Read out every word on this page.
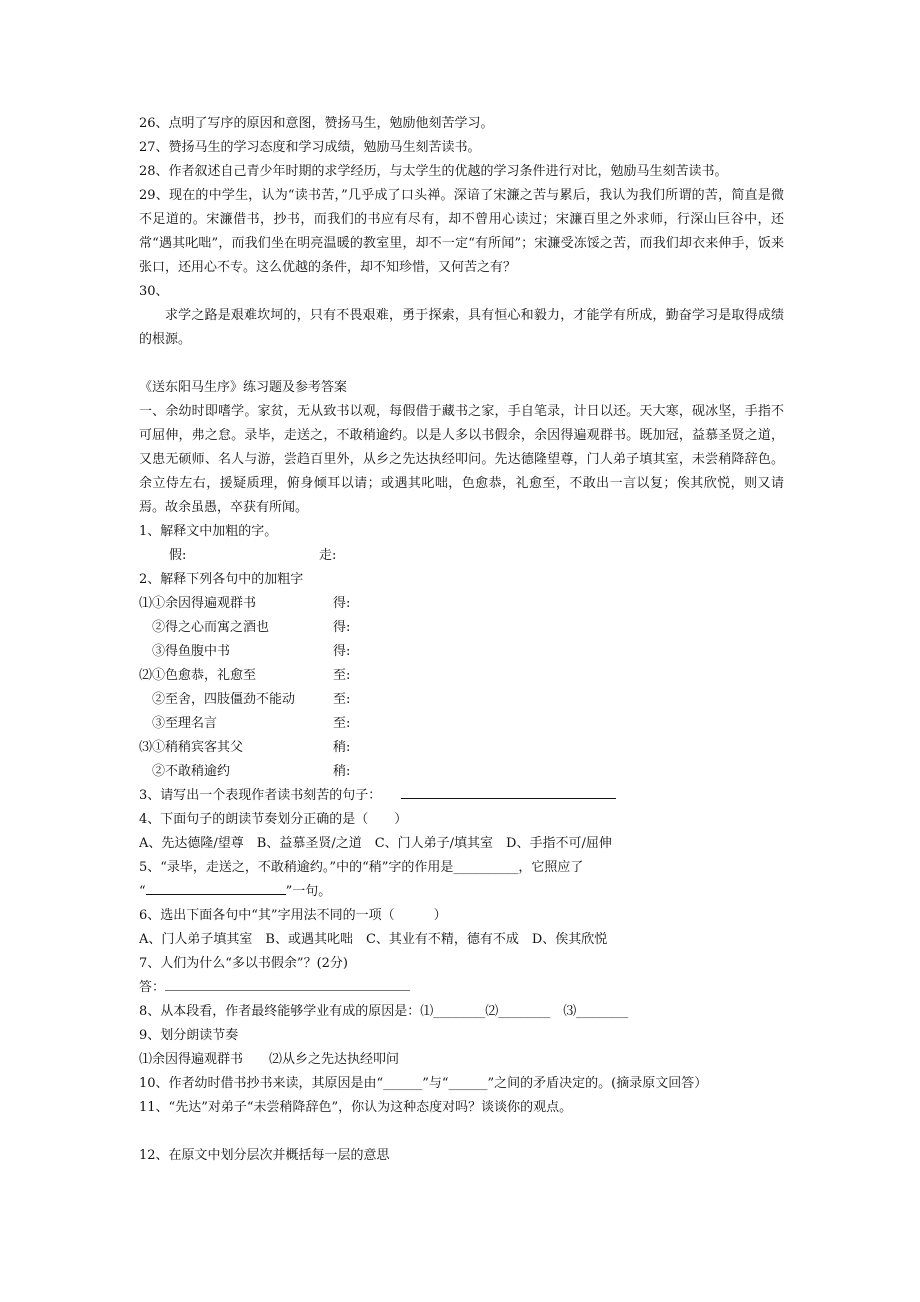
26、点明了写序的原因和意图，赞扬马生，勉励他刻苦学习。
27、赞扬马生的学习态度和学习成绩，勉励马生刻苦读书。
28、作者叙述自己青少年时期的求学经历，与太学生的优越的学习条件进行对比，勉励马生刻苦读书。
29、现在的中学生，认为“读书苦，”几乎成了口头禅。深谙了宋濂之苦与累后，我认为我们所谓的苦，简直是微不足道的。宋濂借书，抄书，而我们的书应有尽有，却不曾用心读过；宋濂百里之外求师，行深山巨谷中，还常“遇其叱咄”，而我们坐在明亮温暖的教室里，却不一定“有所闻”；宋濂受冻馁之苦，而我们却衣来伸手，饭来张口，还用心不专。这么优越的条件，却不知珍惜，又何苦之有？
30、
求学之路是艰难坎坷的，只有不畏艰难，勇于探索，具有恒心和毅力，才能学有所成，勤奋学习是取得成绩的根源。
《送东阳马生序》练习题及参考答案
一、余幼时即嗜学。家贫，无从致书以观，每假借于藏书之家，手自笔录，计日以还。天大寒，砚冰坚，手指不可屈伸，弗之怠。录毕，走送之，不敢稍逾约。以是人多以书假余，余因得遍观群书。既加冠，益慕圣贤之道，又患无硕师、名人与游，尝趋百里外，从乡之先达执经叩问。先达德隆望尊，门人弟子填其室，未尝稍降辞色。余立侍左右，援疑质理，俯身倾耳以请；或遇其叱咄，色愈恭，礼愈至，不敢出一言以复；俟其欣悦，则又请焉。故余虽愚，卒获有所闻。
1、解释文中加粗的字。
假:	走:
2、解释下列各句中的加粗字
⑴①余因得遍观群书	得:
②得之心而寓之酒也	得:
③得鱼腹中书	得:
⑵①色愈恭，礼愈至	至:
②至舍，四肢僵劲不能动	至:
③至理名言	至:
⑶①稍稍宾客其父	稍:
②不敢稍逾约	稍:
3、请写出一个表现作者读书刻苦的句子：
4、下面句子的朗读节奏划分正确的是（　　）
A、先达德隆/望尊　B、益慕圣贤/之道　C、门人弟子/填其室　D、手指不可/屈伸
5、“录毕，走送之，不敢稍逾约。”中的“稍”字的作用是__________，它照应了
“	”一句。
6、选出下面各句中“其”字用法不同的一项（　　　）
A、门人弟子填其室　B、或遇其叱咄　C、其业有不精，德有不成　D、俟其欣悦
7、人们为什么“多以书假余”？(2分)
答：
8、从本段看，作者最终能够学业有成的原因是：⑴________⑵________　⑶________
9、划分朗读节奏
⑴余因得遍观群书　　⑵从乡之先达执经叩问
10、作者幼时借书抄书来读，其原因是由“______”与“______”之间的矛盾决定的。(摘录原文回答）
11、“先达”对弟子“未尝稍降辞色”，你认为这种态度对吗？谈谈你的观点。
12、在原文中划分层次并概括每一层的意思
